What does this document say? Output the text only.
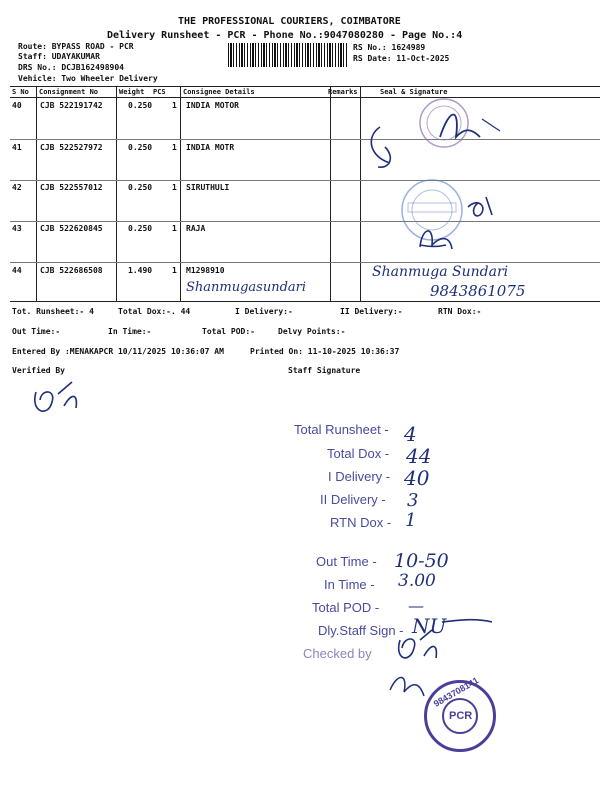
THE PROFESSIONAL COURIERS, COIMBATORE
Delivery Runsheet - PCR - Phone No.:9047080280 - Page No.:4
Route: BYPASS ROAD - PCR
Staff: UDAYAKUMAR
DRS No.: DCJB162498904
Vehicle: Two Wheeler Delivery
RS No.: 1624989
RS Date: 11-Oct-2025
S No Consignment No	Weight PCS Consignee Details	Remarks	Seal & Signature
40 CJB 522191742	0.250 1 INDIA MOTOR
41 CJB 522527972	0.250 1 INDIA MOTR
42 CJB 522557012	0.250 1 SIRUTHULI
43 CJB 522620845	0.250 1 RAJA
44 CJB 522686508	1.490 1 M1298910
Shanmugasundari
Shanmuga Sundari
9843861075
Tot. Runsheet:- 4	Total Dox:-. 44	I Delivery:-	II Delivery:-	RTN Dox:-
Out Time:-	In Time:-	Total POD:-	Delvy Points:-
Entered By :MENAKAPCR 10/11/2025 10:36:07 AM	Printed On: 11-10-2025 10:36:37
Verified By	Staff Signature
Total Runsheet - 4
Total Dox - 44
I Delivery - 40
II Delivery - 3
RTN Dox - 1
Out Time - 10-50
In Time - 3.00
Total POD - —
Dly.Staff Sign - NU
Checked by
PCR
9843708141
